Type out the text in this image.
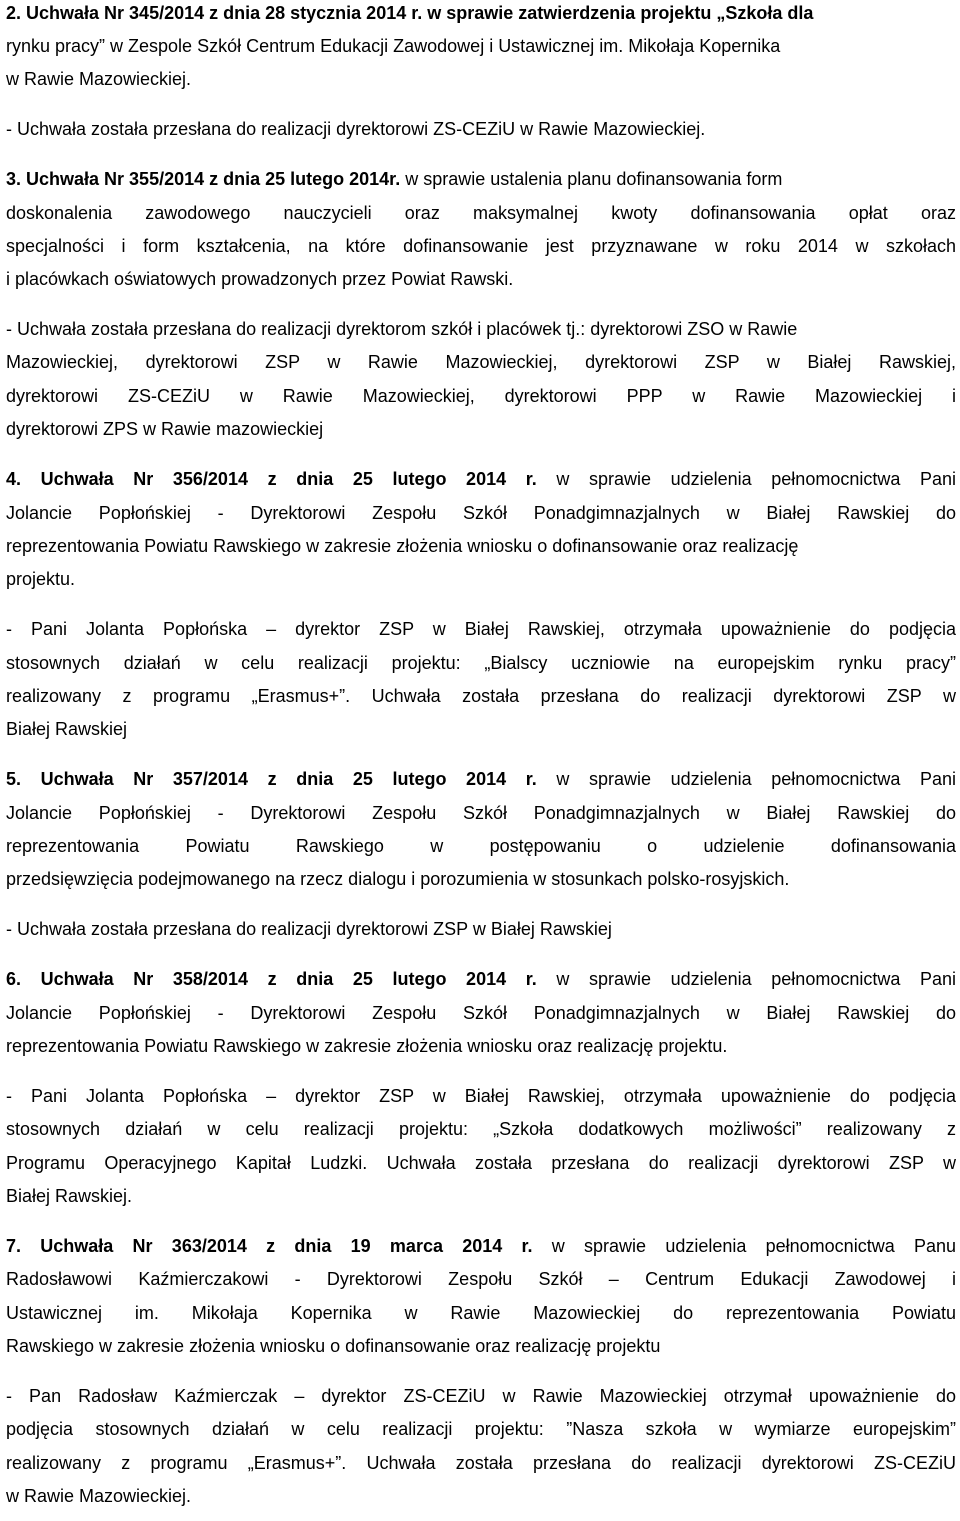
2. Uchwała Nr 345/2014 z dnia 28 stycznia 2014 r. w sprawie zatwierdzenia projektu „Szkoła dla
rynku pracy” w Zespole Szkół Centrum Edukacji Zawodowej i Ustawicznej im. Mikołaja Kopernika
w Rawie Mazowieckiej.
- Uchwała została przesłana do realizacji dyrektorowi ZS-CEZiU w Rawie Mazowieckiej.
3. Uchwała Nr 355/2014 z dnia 25 lutego 2014r. w sprawie ustalenia planu dofinansowania form
doskonalenia zawodowego nauczycieli oraz maksymalnej kwoty dofinansowania opłat oraz
specjalności i form kształcenia, na które dofinansowanie jest przyznawane w roku 2014 w szkołach
i placówkach oświatowych prowadzonych przez Powiat Rawski.
- Uchwała została przesłana do realizacji dyrektorom szkół i placówek tj.: dyrektorowi ZSO w Rawie
Mazowieckiej, dyrektorowi ZSP w Rawie Mazowieckiej, dyrektorowi ZSP w Białej Rawskiej,
dyrektorowi ZS-CEZiU w Rawie Mazowieckiej, dyrektorowi PPP w Rawie Mazowieckiej i
dyrektorowi ZPS w Rawie mazowieckiej
4. Uchwała Nr 356/2014 z dnia 25 lutego 2014 r. w sprawie udzielenia pełnomocnictwa Pani
Jolancie Popłońskiej - Dyrektorowi Zespołu Szkół Ponadgimnazjalnych w Białej Rawskiej do
reprezentowania Powiatu Rawskiego w zakresie złożenia wniosku o dofinansowanie oraz realizację
projektu.
- Pani Jolanta Popłońska – dyrektor ZSP w Białej Rawskiej, otrzymała upoważnienie do podjęcia
stosownych działań w celu realizacji projektu: „Bialscy uczniowie na europejskim rynku pracy”
realizowany z programu „Erasmus+”. Uchwała została przesłana do realizacji dyrektorowi ZSP w
Białej Rawskiej
5. Uchwała Nr 357/2014 z dnia 25 lutego 2014 r. w sprawie udzielenia pełnomocnictwa Pani
Jolancie Popłońskiej - Dyrektorowi Zespołu Szkół Ponadgimnazjalnych w Białej Rawskiej do
reprezentowania Powiatu Rawskiego w postępowaniu o udzielenie dofinansowania
przedsięwzięcia podejmowanego na rzecz dialogu i porozumienia w stosunkach polsko-rosyjskich.
- Uchwała została przesłana do realizacji dyrektorowi ZSP w Białej Rawskiej
6. Uchwała Nr 358/2014 z dnia 25 lutego 2014 r. w sprawie udzielenia pełnomocnictwa Pani
Jolancie Popłońskiej - Dyrektorowi Zespołu Szkół Ponadgimnazjalnych w Białej Rawskiej do
reprezentowania Powiatu Rawskiego w zakresie złożenia wniosku oraz realizację projektu.
- Pani Jolanta Popłońska – dyrektor ZSP w Białej Rawskiej, otrzymała upoważnienie do podjęcia
stosownych działań w celu realizacji projektu: „Szkoła dodatkowych możliwości” realizowany z
Programu Operacyjnego Kapitał Ludzki. Uchwała została przesłana do realizacji dyrektorowi ZSP w
Białej Rawskiej.
7. Uchwała Nr 363/2014 z dnia 19 marca 2014 r. w sprawie udzielenia pełnomocnictwa Panu
Radosławowi Kaźmierczakowi - Dyrektorowi Zespołu Szkół – Centrum Edukacji Zawodowej i
Ustawicznej im. Mikołaja Kopernika w Rawie Mazowieckiej do reprezentowania Powiatu
Rawskiego w zakresie złożenia wniosku o dofinansowanie oraz realizację projektu
- Pan Radosław Kaźmierczak – dyrektor ZS-CEZiU w Rawie Mazowieckiej otrzymał upoważnienie do
podjęcia stosownych działań w celu realizacji projektu: ”Nasza szkoła w wymiarze europejskim”
realizowany z programu „Erasmus+”. Uchwała została przesłana do realizacji dyrektorowi ZS-CEZiU
w Rawie Mazowieckiej.
